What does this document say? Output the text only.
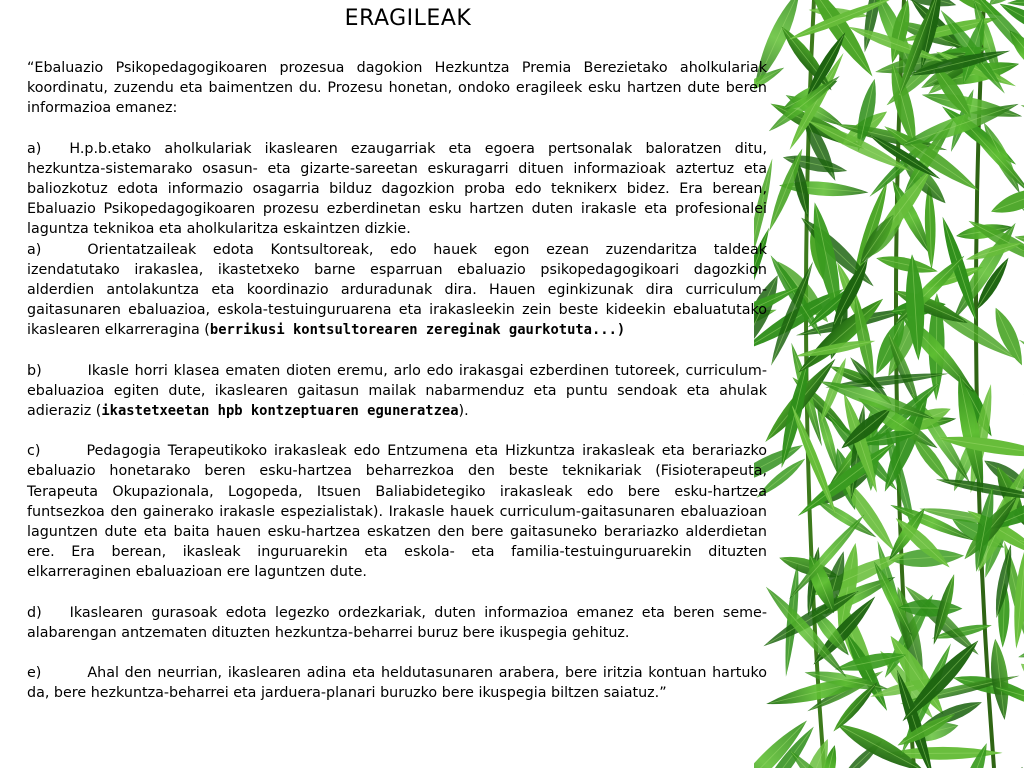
ERAGILEAK

“Ebaluazio Psikopedagogikoaren prozesua dagokion Hezkuntza Premia Berezietako aholkulariak koordinatu, zuzendu eta baimentzen du. Prozesu honetan, ondoko eragileek esku hartzen dute beren informazioa emanez:

a) H.p.b.etako aholkulariak ikaslearen ezaugarriak eta egoera pertsonalak baloratzen ditu, hezkuntza-sistemarako osasun- eta gizarte-sareetan eskuragarri dituen informazioak aztertuz eta baliozkotuz edota informazio osagarria bilduz dagozkion proba edo teknikerx bidez. Era berean, Ebaluazio Psikopedagogikoaren prozesu ezberdinetan esku hartzen duten irakasle eta profesionalei laguntza teknikoa eta aholkularitza eskaintzen dizkie.

a)	Orientatzaileak edota Kontsultoreak, edo hauek egon ezean zuzendaritza taldeak izendatutako irakaslea, ikastetxeko barne esparruan ebaluazio psikopedagogikoari dagozkion alderdien antolakuntza eta koordinazio arduradunak dira. Hauen eginkizunak dira curriculum-gaitasunaren ebaluazioa, eskola-testuinguruarena eta irakasleekin zein beste kideekin ebaluatutako ikaslearen elkarreragina (berrikusi kontsultorearen zereginak gaurkotuta...)

b)	Ikasle horri klasea ematen dioten eremu, arlo edo irakasgai ezberdinen tutoreek, curriculum-ebaluazioa egiten dute, ikaslearen gaitasun mailak nabarmenduz eta puntu sendoak eta ahulak adieraziz (ikastetxeetan hpb kontzeptuaren eguneratzea).

c)	Pedagogia Terapeutikoko irakasleak edo Entzumena eta Hizkuntza irakasleak eta berariazko ebaluazio honetarako beren esku-hartzea beharrezkoa den beste teknikariak (Fisioterapeuta, Terapeuta Okupazionala, Logopeda, Itsuen Baliabidetegiko irakasleak edo bere esku-hartzea funtsezkoa den gainerako irakasle espezialistak). Irakasle hauek curriculum-gaitasunaren ebaluazioan laguntzen dute eta baita hauen esku-hartzea eskatzen den bere gaitasuneko berariazko alderdietan ere. Era berean, ikasleak inguruarekin eta eskola- eta familia-testuinguruarekin dituzten elkarreraginen ebaluazioan ere laguntzen dute.

d) Ikaslearen gurasoak edota legezko ordezkariak, duten informazioa emanez eta beren seme-alabarengan antzematen dituzten hezkuntza-beharrei buruz bere ikuspegia gehituz.

e)	Ahal den neurrian, ikaslearen adina eta heldutasunaren arabera, bere iritzia kontuan hartuko da, bere hezkuntza-beharrei eta jarduera-planari buruzko bere ikuspegia biltzen saiatuz.”
